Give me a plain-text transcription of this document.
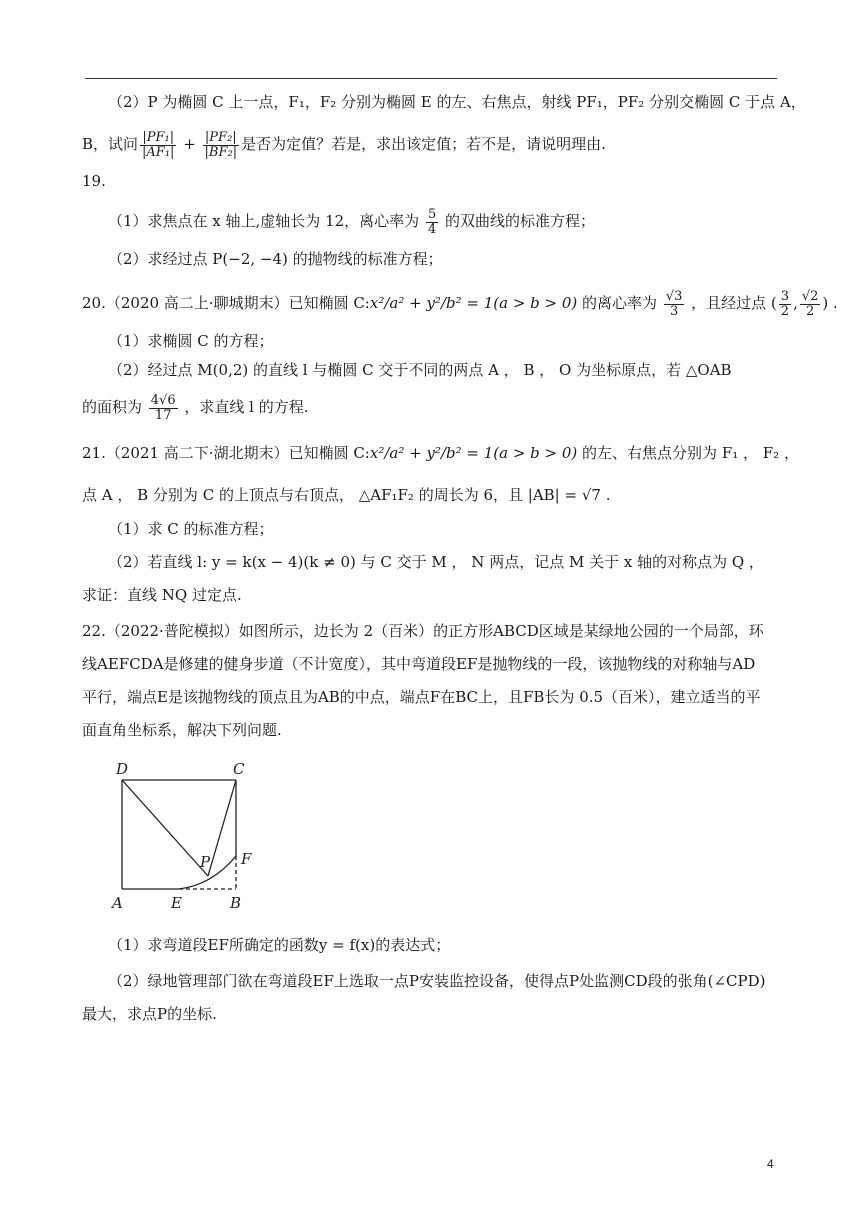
（2）P 为椭圆 C 上一点，F₁，F₂ 分别为椭圆 E 的左、右焦点，射线 PF₁，PF₂ 分别交椭圆 C 于点 A，
B，试问 $\frac{\text{|PF₁|}}{\text{|AF₁|}} + \frac{\text{|PF₂|}}{\text{|BF₂|}}$ 是否为定值？若是，求出该定值；若不是，请说明理由.
19.
（1）求焦点在 x 轴上,虚轴长为 12，离心率为 $\frac{5}{4}$ 的双曲线的标准方程；
（2）求经过点 P(−2, −4) 的抛物线的标准方程；
20.（2020 高二上·聊城期末）已知椭圆 C:x²/a² + y²/b² = 1(a > b > 0) 的离心率为 $\frac{√3}{3}$ ，且经过点 ( $\frac{3}{2}$ , $\frac{√2}{2}$ ) .
（1）求椭圆 C 的方程；
（2）经过点 M(0,2) 的直线 l 与椭圆 C 交于不同的两点 A ， B ， O 为坐标原点，若 △OAB
的面积为 $\frac{4√6}{17}$ ，求直线 l 的方程.
21.（2021 高二下·湖北期末）已知椭圆 C:x²/a² + y²/b² = 1(a > b > 0) 的左、右焦点分别为 F₁ ， F₂ ，
点 A ， B 分别为 C 的上顶点与右顶点， △AF₁F₂ 的周长为 6，且 |AB| = √7 .
（1）求 C 的标准方程；
（2）若直线 l: y = k(x − 4)(k ≠ 0) 与 C 交于 M ， N 两点，记点 M 关于 x 轴的对称点为 Q ，
求证：直线 NQ 过定点.
22.（2022·普陀模拟）如图所示，边长为 2（百米）的正方形ABCD区域是某绿地公园的一个局部，环
线AEFCDA是修建的健身步道（不计宽度），其中弯道段EF是抛物线的一段，该抛物线的对称轴与AD
平行，端点E是该抛物线的顶点且为AB的中点，端点F在BC上，且FB长为 0.5（百米），建立适当的平
面直角坐标系，解决下列问题.
D	C
A	E	B
F
P
（1）求弯道段EF所确定的函数y = f(x)的表达式；
（2）绿地管理部门欲在弯道段EF上选取一点P安装监控设备，使得点P处监测CD段的张角(∠CPD)
最大，求点P的坐标.
4
